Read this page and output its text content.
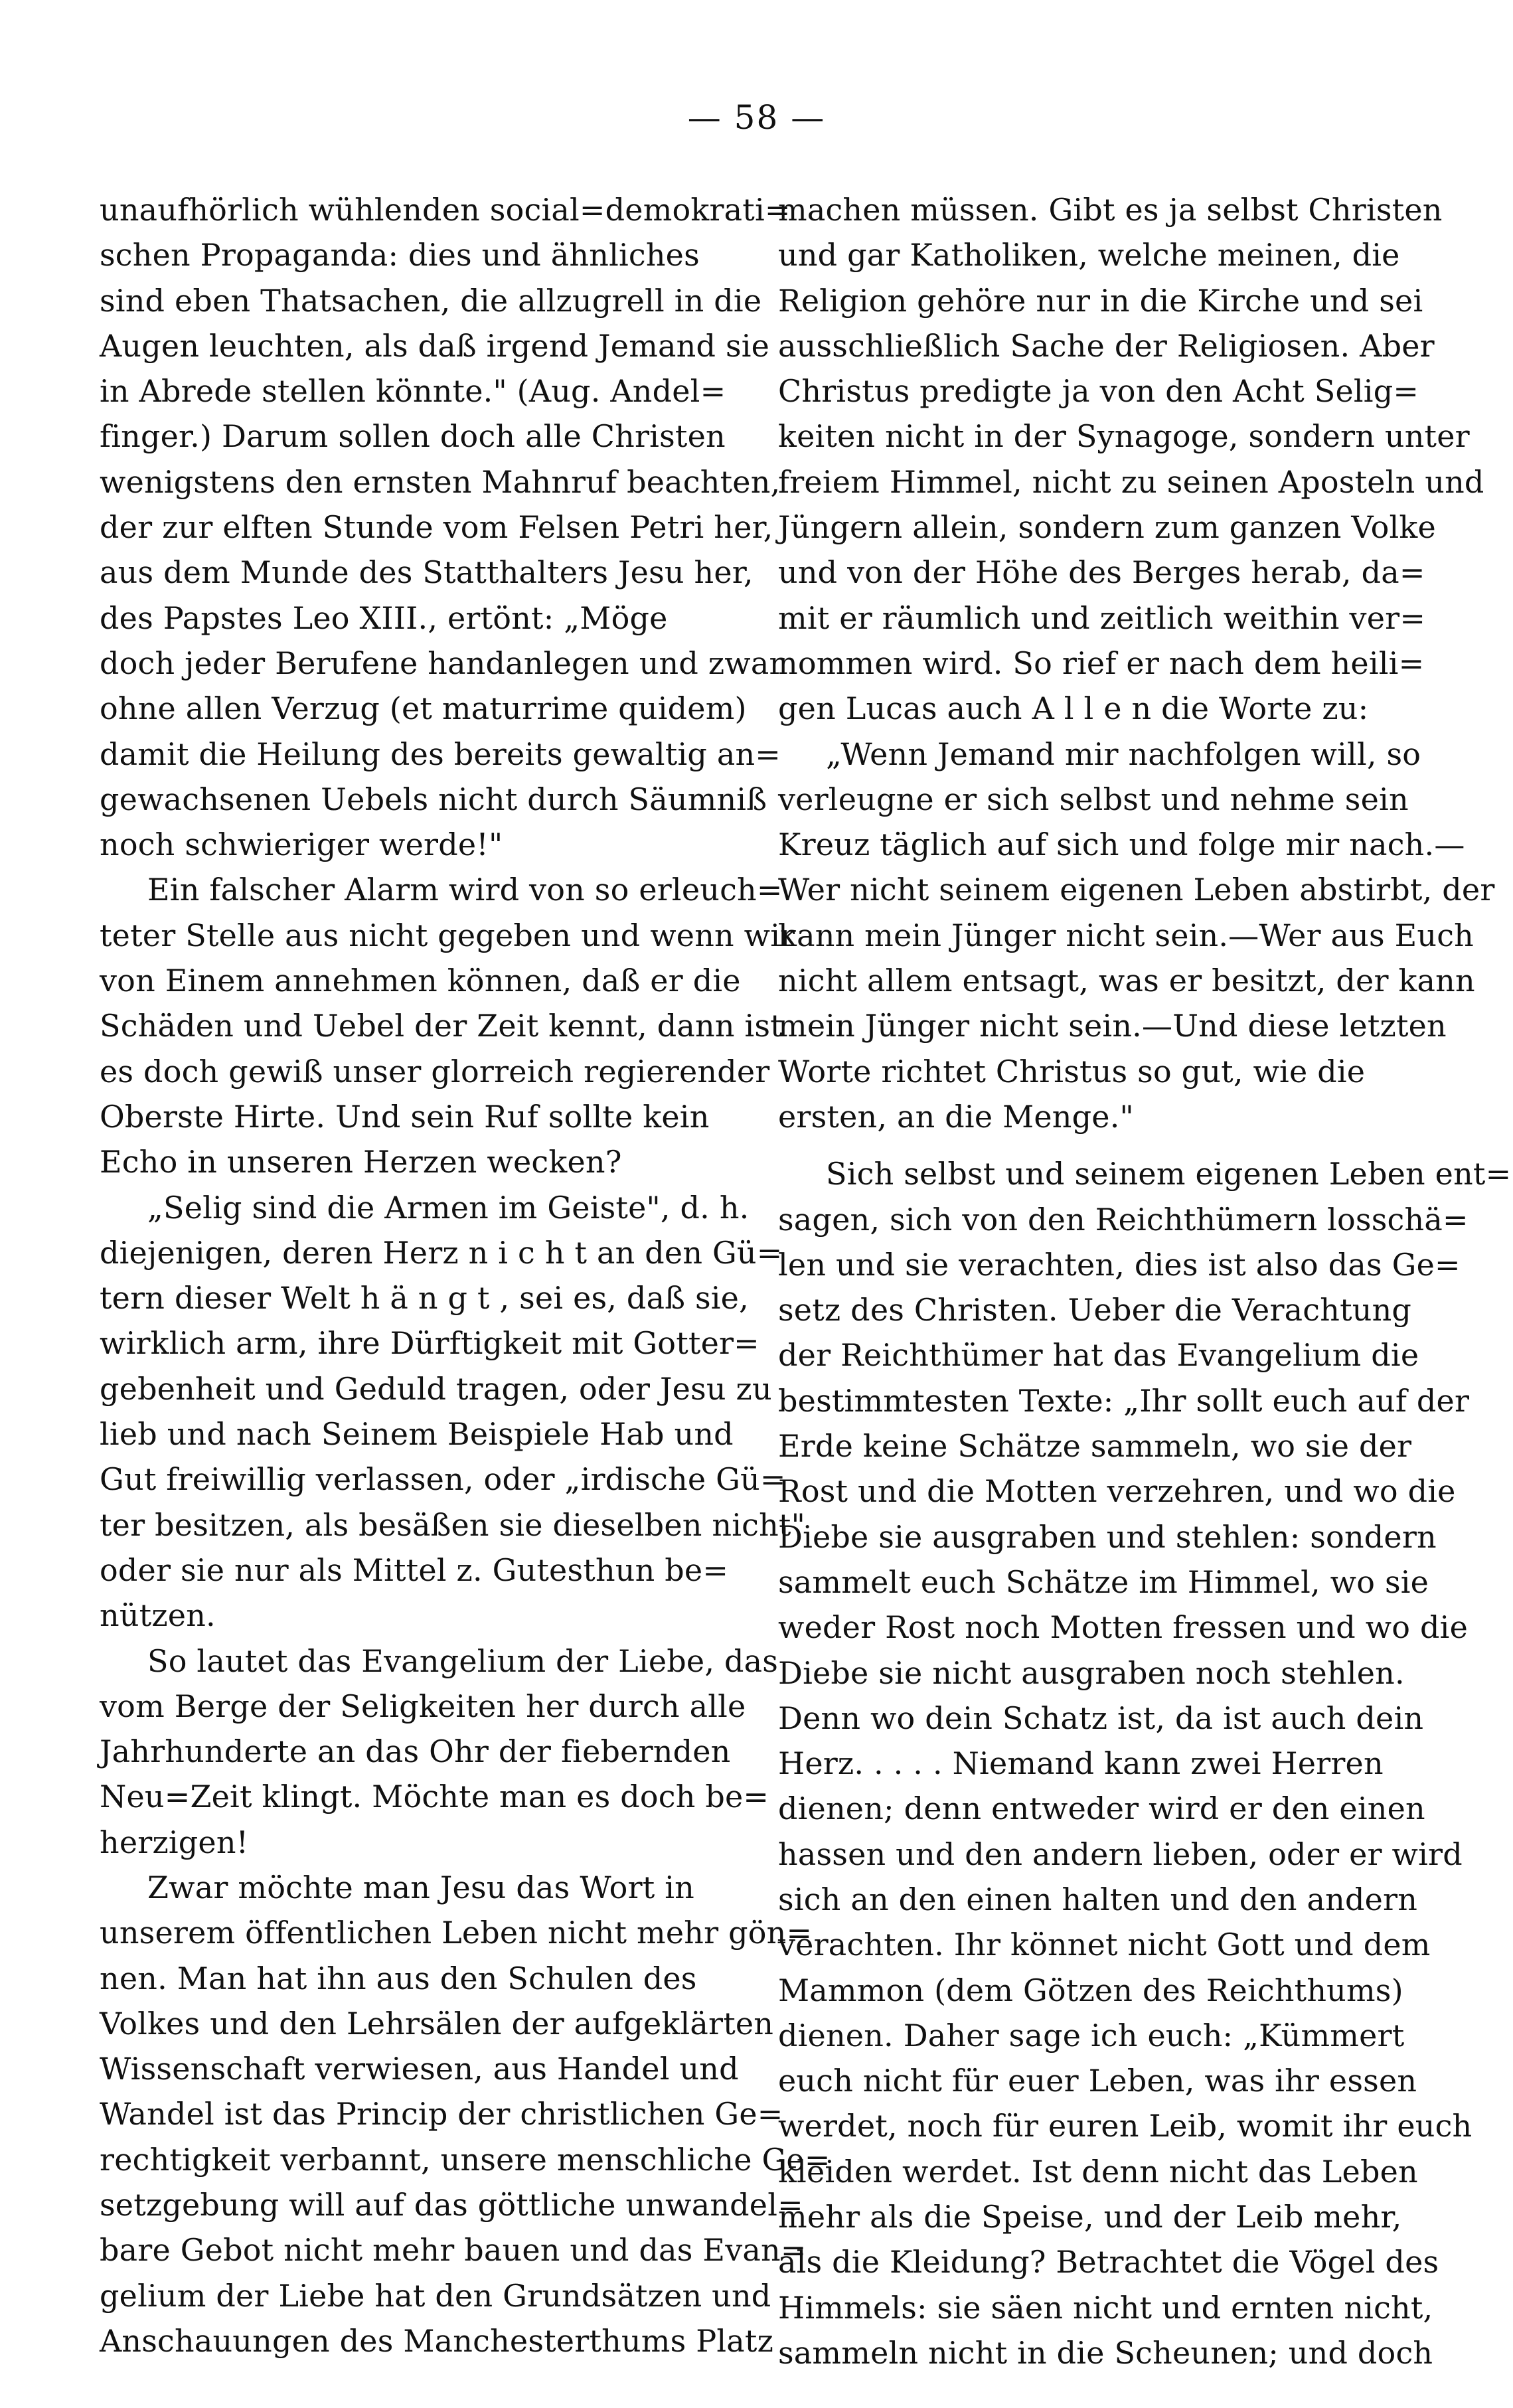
— 58 —
unaufhörlich wühlenden social=demokrati=
schen Propaganda: dies und ähnliches
sind eben Thatsachen, die allzugrell in die
Augen leuchten, als daß irgend Jemand sie
in Abrede stellen könnte." (Aug. Andel=
finger.) Darum sollen doch alle Christen
wenigstens den ernsten Mahnruf beachten,
der zur elften Stunde vom Felsen Petri her,
aus dem Munde des Statthalters Jesu her,
des Papstes Leo XIII., ertönt: „Möge
doch jeder Berufene handanlegen und zwar
ohne allen Verzug (et maturrime quidem)
damit die Heilung des bereits gewaltig an=
gewachsenen Uebels nicht durch Säumniß
noch schwieriger werde!"
Ein falscher Alarm wird von so erleuch=
teter Stelle aus nicht gegeben und wenn wir
von Einem annehmen können, daß er die
Schäden und Uebel der Zeit kennt, dann ist
es doch gewiß unser glorreich regierender
Oberste Hirte. Und sein Ruf sollte kein
Echo in unseren Herzen wecken?
„Selig sind die Armen im Geiste", d. h.
diejenigen, deren Herz n i c h t an den Gü=
tern dieser Welt h ä n g t , sei es, daß sie,
wirklich arm, ihre Dürftigkeit mit Gotter=
gebenheit und Geduld tragen, oder Jesu zu
lieb und nach Seinem Beispiele Hab und
Gut freiwillig verlassen, oder „irdische Gü=
ter besitzen, als besäßen sie dieselben nicht"
oder sie nur als Mittel z. Gutesthun be=
nützen.
So lautet das Evangelium der Liebe, das
vom Berge der Seligkeiten her durch alle
Jahrhunderte an das Ohr der fiebernden
Neu=Zeit klingt. Möchte man es doch be=
herzigen!
Zwar möchte man Jesu das Wort in
unserem öffentlichen Leben nicht mehr gön=
nen. Man hat ihn aus den Schulen des
Volkes und den Lehrsälen der aufgeklärten
Wissenschaft verwiesen, aus Handel und
Wandel ist das Princip der christlichen Ge=
rechtigkeit verbannt, unsere menschliche Ge=
setzgebung will auf das göttliche unwandel=
bare Gebot nicht mehr bauen und das Evan=
gelium der Liebe hat den Grundsätzen und
Anschauungen des Manchesterthums Platz
machen müssen. Gibt es ja selbst Christen
und gar Katholiken, welche meinen, die
Religion gehöre nur in die Kirche und sei
ausschließlich Sache der Religiosen. Aber
Christus predigte ja von den Acht Selig=
keiten nicht in der Synagoge, sondern unter
freiem Himmel, nicht zu seinen Aposteln und
Jüngern allein, sondern zum ganzen Volke
und von der Höhe des Berges herab, da=
mit er räumlich und zeitlich weithin ver=
nommen wird. So rief er nach dem heili=
gen Lucas auch A l l e n die Worte zu:
„Wenn Jemand mir nachfolgen will, so
verleugne er sich selbst und nehme sein
Kreuz täglich auf sich und folge mir nach.—
Wer nicht seinem eigenen Leben abstirbt, der
kann mein Jünger nicht sein.—Wer aus Euch
nicht allem entsagt, was er besitzt, der kann
mein Jünger nicht sein.—Und diese letzten
Worte richtet Christus so gut, wie die
ersten, an die Menge."
Sich selbst und seinem eigenen Leben ent=
sagen, sich von den Reichthümern losschä=
len und sie verachten, dies ist also das Ge=
setz des Christen. Ueber die Verachtung
der Reichthümer hat das Evangelium die
bestimmtesten Texte: „Ihr sollt euch auf der
Erde keine Schätze sammeln, wo sie der
Rost und die Motten verzehren, und wo die
Diebe sie ausgraben und stehlen: sondern
sammelt euch Schätze im Himmel, wo sie
weder Rost noch Motten fressen und wo die
Diebe sie nicht ausgraben noch stehlen.
Denn wo dein Schatz ist, da ist auch dein
Herz. . . . . Niemand kann zwei Herren
dienen; denn entweder wird er den einen
hassen und den andern lieben, oder er wird
sich an den einen halten und den andern
verachten. Ihr könnet nicht Gott und dem
Mammon (dem Götzen des Reichthums)
dienen. Daher sage ich euch: „Kümmert
euch nicht für euer Leben, was ihr essen
werdet, noch für euren Leib, womit ihr euch
kleiden werdet. Ist denn nicht das Leben
mehr als die Speise, und der Leib mehr,
als die Kleidung? Betrachtet die Vögel des
Himmels: sie säen nicht und ernten nicht,
sammeln nicht in die Scheunen; und doch
